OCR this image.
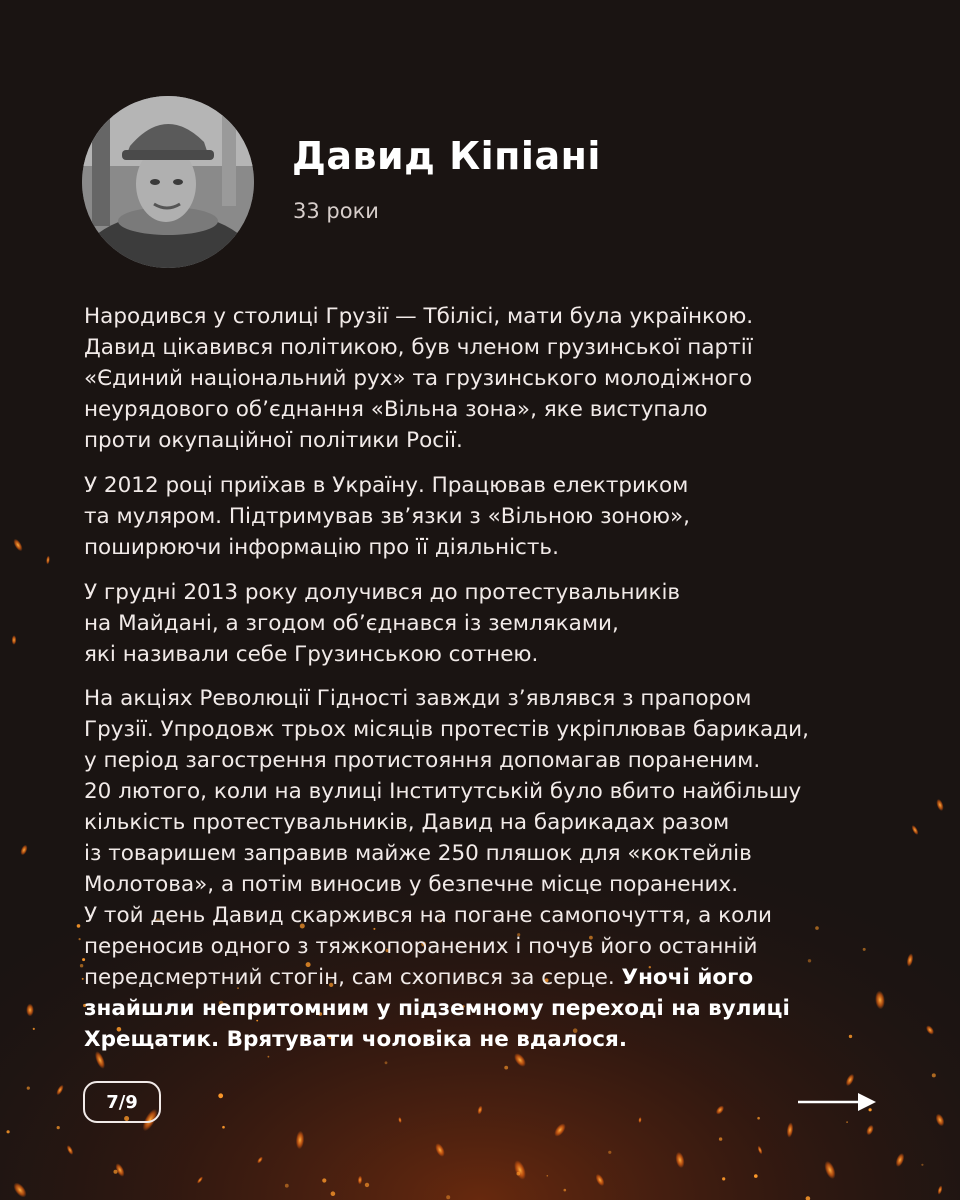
Давид Кіпіані
33 роки
Народився у столиці Грузії — Тбілісі, мати була українкою.
Давид цікавився політикою, був членом грузинської партії
«Єдиний національний рух» та грузинського молодіжного
неурядового об’єднання «Вільна зона», яке виступало
проти окупаційної політики Росії.
У 2012 році приїхав в Україну. Працював електриком
та муляром. Підтримував зв’язки з «Вільною зоною»,
поширюючи інформацію про її діяльність.
У грудні 2013 року долучився до протестувальників
на Майдані, а згодом об’єднався із земляками,
які називали себе Грузинською сотнею.
На акціях Революції Гідності завжди з’являвся з прапором
Грузії. Упродовж трьох місяців протестів укріплював барикади,
у період загострення протистояння допомагав пораненим.
20 лютого, коли на вулиці Інститутській було вбито найбільшу
кількість протестувальників, Давид на барикадах разом
із товаришем заправив майже 250 пляшок для «коктейлів
Молотова», а потім виносив у безпечне місце поранених.
У той день Давид скаржився на погане самопочуття, а коли
переносив одного з тяжкопоранених і почув його останній
передсмертний стогін, сам схопився за серце. Уночі його
знайшли непритомним у підземному переході на вулиці
Хрещатик. Врятувати чоловіка не вдалося.
7/9
